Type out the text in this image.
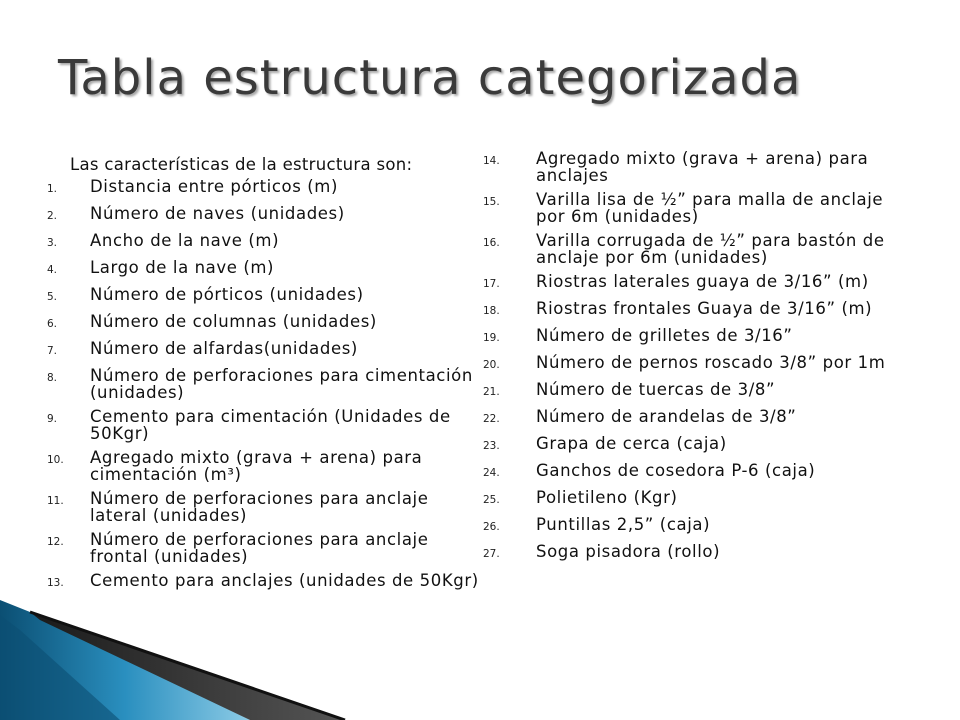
Tabla estructura categorizada
Las características de la estructura son:
1.	Distancia entre pórticos (m)
2.	Número de naves (unidades)
3.	Ancho de la nave (m)
4.	Largo de la nave (m)
5.	Número de pórticos (unidades)
6.	Número de columnas (unidades)
7.	Número de alfardas(unidades)
8.	Número de perforaciones para cimentación (unidades)
9.	Cemento para cimentación (Unidades de 50Kgr)
10.	Agregado mixto (grava + arena) para cimentación (m³)
11.	Número de perforaciones para anclaje lateral (unidades)
12.	Número de perforaciones para anclaje frontal (unidades)
13.	Cemento para anclajes (unidades de 50Kgr)
14.	Agregado mixto (grava + arena) para anclajes
15.	Varilla lisa de ½” para malla de anclaje por 6m (unidades)
16.	Varilla corrugada de ½” para bastón de anclaje por 6m (unidades)
17.	Riostras laterales guaya de 3/16” (m)
18.	Riostras frontales Guaya de 3/16” (m)
19.	Número de grilletes de 3/16”
20.	Número de pernos roscado 3/8” por 1m
21.	Número de tuercas de 3/8”
22.	Número de arandelas de 3/8”
23.	Grapa de cerca (caja)
24.	Ganchos de cosedora P-6 (caja)
25.	Polietileno (Kgr)
26.	Puntillas 2,5” (caja)
27.	Soga pisadora (rollo)
